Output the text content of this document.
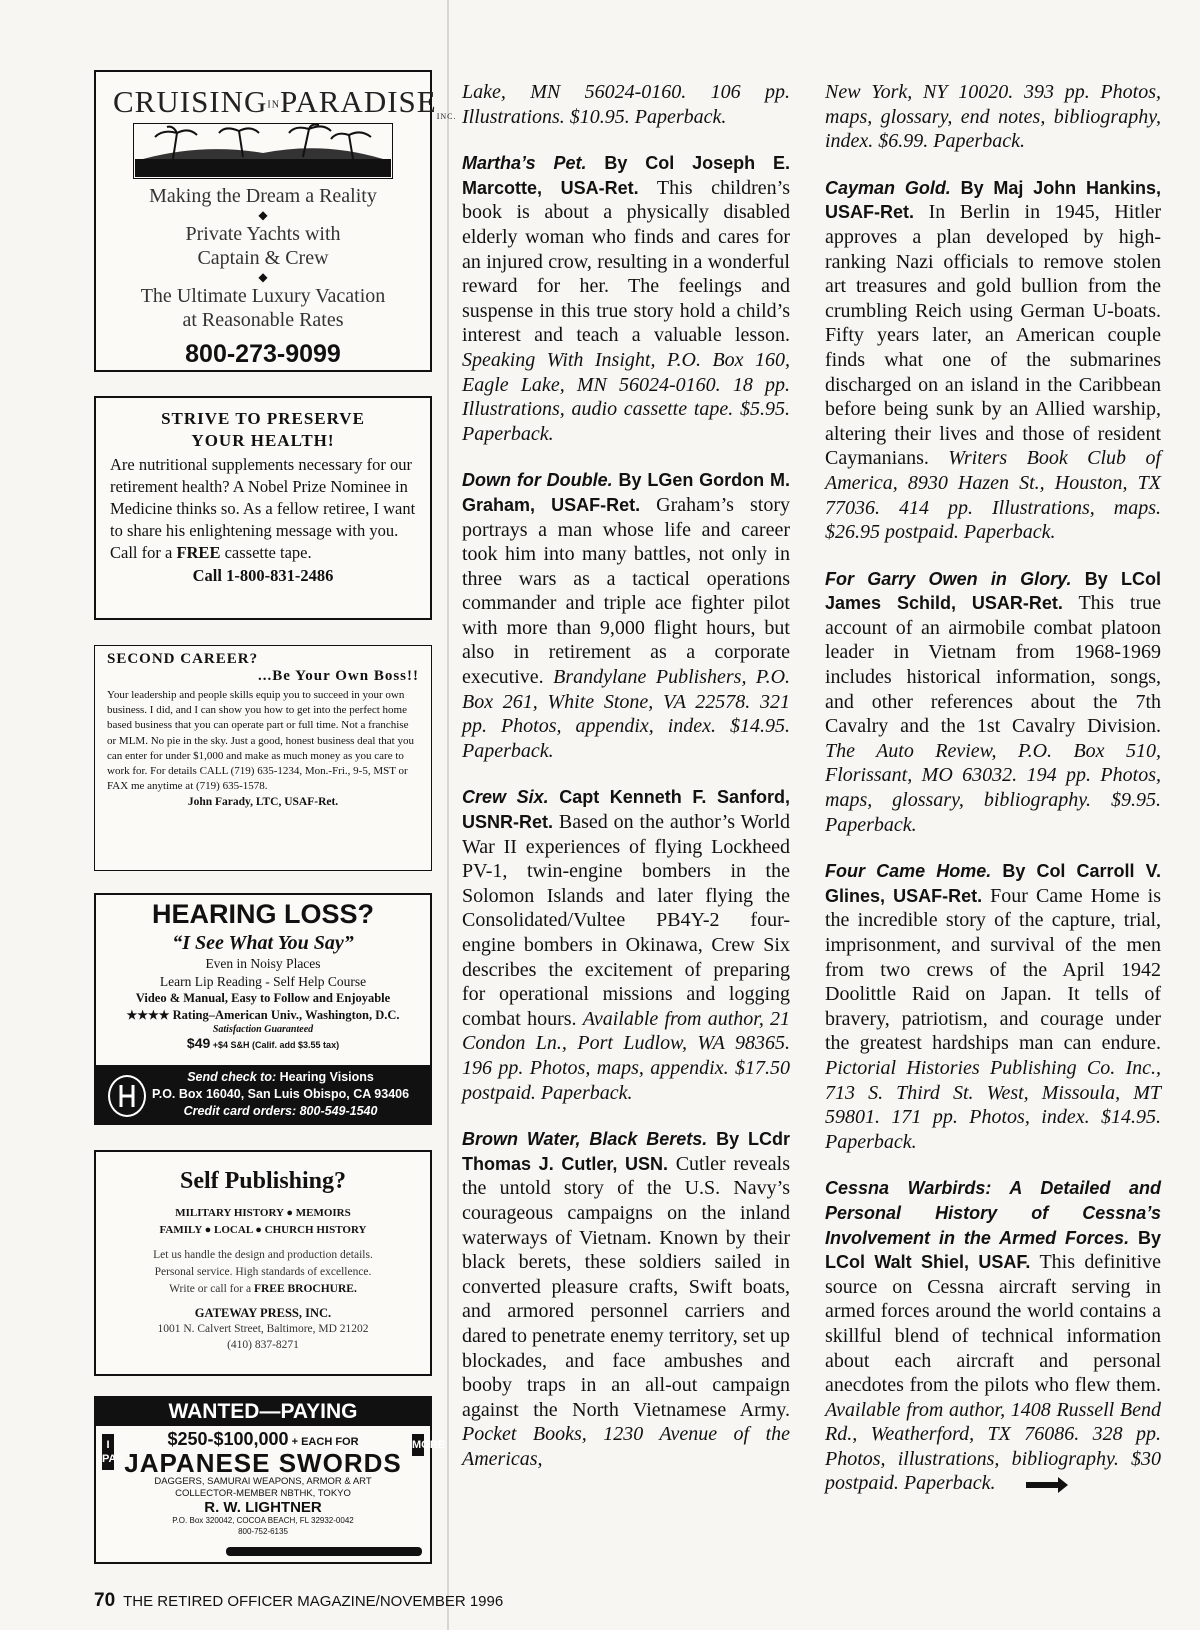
$CRUISINGINPARADISE_{INC.}$
Making the Dream a Reality
◆
Private Yachts with
Captain & Crew
◆
The Ultimate Luxury Vacation
at Reasonable Rates
800-273-9099
STRIVE TO PRESERVE
YOUR HEALTH!
Are nutritional supplements necessary for our retirement health? A Nobel Prize Nominee in Medicine thinks so. As a fellow retiree, I want to share his enlightening message with you. Call for a FREE cassette tape.
Call 1-800-831-2486
SECOND CAREER?
...Be Your Own Boss!!
Your leadership and people skills equip you to succeed in your own business. I did, and I can show you how to get into the perfect home based business that you can operate part or full time. Not a franchise or MLM. No pie in the sky. Just a good, honest business deal that you can enter for under $1,000 and make as much money as you care to work for. For details CALL (719) 635-1234, Mon.-Fri., 9-5, MST or FAX me anytime at (719) 635-1578.
John Farady, LTC, USAF-Ret.
HEARING LOSS?
“I See What You Say”
Even in Noisy Places
Learn Lip Reading - Self Help Course
Video & Manual, Easy to Follow and Enjoyable
★★★★ Rating–American Univ., Washington, D.C.
Satisfaction Guaranteed
$49 +$4 S&H (Calif. add $3.55 tax)
Send check to: Hearing Visions
P.O. Box 16040, San Luis Obispo, CA 93406
Credit card orders: 800-549-1540
Self Publishing?
MILITARY HISTORY ● MEMOIRS
FAMILY ● LOCAL ● CHURCH HISTORY
Let us handle the design and production details.
Personal service. High standards of excellence.
Write or call for a FREE BROCHURE.
GATEWAY PRESS, INC.
1001 N. Calvert Street, Baltimore, MD 21202
(410) 837-8271
WANTED—PAYING
I PAY
MORE
$250-$100,000 + EACH FOR
JAPANESE SWORDS
DAGGERS, SAMURAI WEAPONS, ARMOR & ART
COLLECTOR-MEMBER NBTHK, TOKYO
R. W. LIGHTNER
P.O. Box 320042, COCOA BEACH, FL 32932-0042
800-752-6135
70 THE RETIRED OFFICER MAGAZINE/NOVEMBER 1996

Lake, MN 56024-0160. 106 pp. Illustrations. $10.95. Paperback.

Martha’s Pet. By Col Joseph E. Marcotte, USA-Ret. This children’s book is about a physically disabled elderly woman who finds and cares for an injured crow, resulting in a wonderful reward for her. The feelings and suspense in this true story hold a child’s interest and teach a valuable lesson. Speaking With Insight, P.O. Box 160, Eagle Lake, MN 56024-0160. 18 pp. Illustrations, audio cassette tape. $5.95. Paperback.

Down for Double. By LGen Gordon M. Graham, USAF-Ret. Graham’s story portrays a man whose life and career took him into many battles, not only in three wars as a tactical operations commander and triple ace fighter pilot with more than 9,000 flight hours, but also in retirement as a corporate executive. Brandylane Publishers, P.O. Box 261, White Stone, VA 22578. 321 pp. Photos, appendix, index. $14.95. Paperback.

Crew Six. Capt Kenneth F. Sanford, USNR-Ret. Based on the author’s World War II experiences of flying Lockheed PV-1, twin-engine bombers in the Solomon Islands and later flying the Consolidated/Vultee PB4Y-2 four-engine bombers in Okinawa, Crew Six describes the excitement of preparing for operational missions and logging combat hours. Available from author, 21 Condon Ln., Port Ludlow, WA 98365. 196 pp. Photos, maps, appendix. $17.50 postpaid. Paperback.

Brown Water, Black Berets. By LCdr Thomas J. Cutler, USN. Cutler reveals the untold story of the U.S. Navy’s courageous campaigns on the inland waterways of Vietnam. Known by their black berets, these soldiers sailed in converted pleasure crafts, Swift boats, and armored personnel carriers and dared to penetrate enemy territory, set up blockades, and face ambushes and booby traps in an all-out campaign against the North Vietnamese Army. Pocket Books, 1230 Avenue of the Americas,

New York, NY 10020. 393 pp. Photos, maps, glossary, end notes, bibliography, index. $6.99. Paperback.

Cayman Gold. By Maj John Hankins, USAF-Ret. In Berlin in 1945, Hitler approves a plan developed by high-ranking Nazi officials to remove stolen art treasures and gold bullion from the crumbling Reich using German U-boats. Fifty years later, an American couple finds what one of the submarines discharged on an island in the Caribbean before being sunk by an Allied warship, altering their lives and those of resident Caymanians. Writers Book Club of America, 8930 Hazen St., Houston, TX 77036. 414 pp. Illustrations, maps. $26.95 postpaid. Paperback.

For Garry Owen in Glory. By LCol James Schild, USAR-Ret. This true account of an airmobile combat platoon leader in Vietnam from 1968-1969 includes historical information, songs, and other references about the 7th Cavalry and the 1st Cavalry Division. The Auto Review, P.O. Box 510, Florissant, MO 63032. 194 pp. Photos, maps, glossary, bibliography. $9.95. Paperback.

Four Came Home. By Col Carroll V. Glines, USAF-Ret. Four Came Home is the incredible story of the capture, trial, imprisonment, and survival of the men from two crews of the April 1942 Doolittle Raid on Japan. It tells of bravery, patriotism, and courage under the greatest hardships man can endure. Pictorial Histories Publishing Co. Inc., 713 S. Third St. West, Missoula, MT 59801. 171 pp. Photos, index. $14.95. Paperback.

Cessna Warbirds: A Detailed and Personal History of Cessna’s Involvement in the Armed Forces. By LCol Walt Shiel, USAF. This definitive source on Cessna aircraft serving in armed forces around the world contains a skillful blend of technical information about each aircraft and personal anecdotes from the pilots who flew them. Available from author, 1408 Russell Bend Rd., Weatherford, TX 76086. 328 pp. Photos, illustrations, bibliography. $30 postpaid. Paperback.
